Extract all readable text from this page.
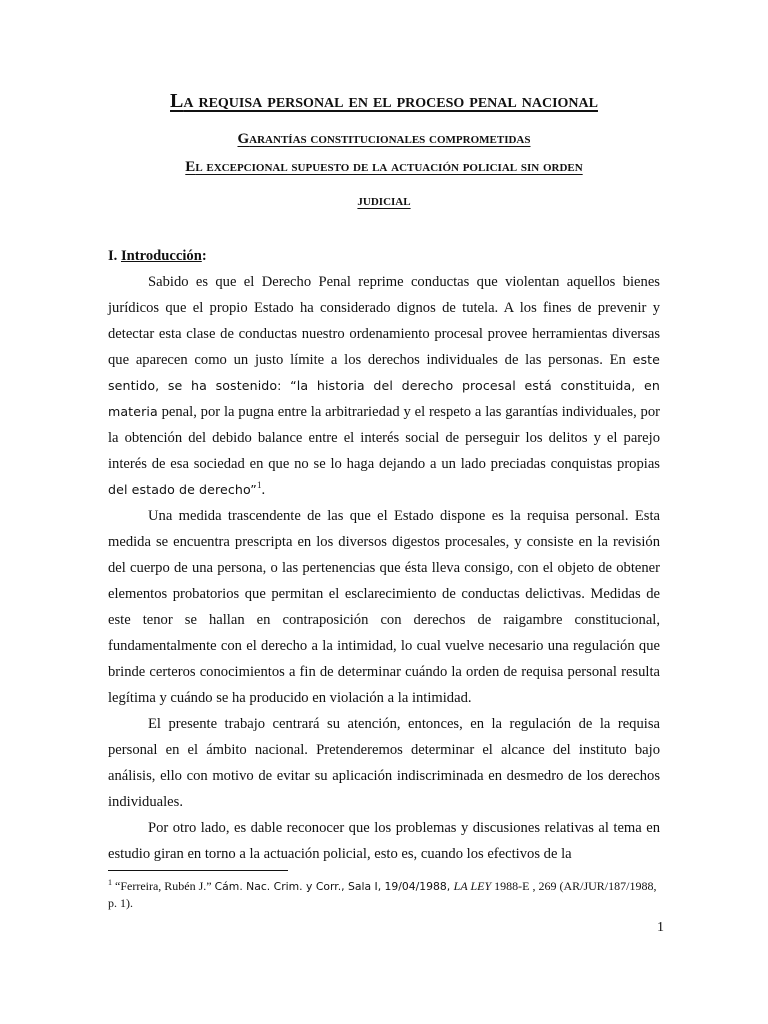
La requisa personal en el proceso penal nacional
Garantías constitucionales comprometidas
El excepcional supuesto de la actuación policial sin orden
judicial

I. Introducción:

Sabido es que el Derecho Penal reprime conductas que violentan aquellos bienes jurídicos que el propio Estado ha considerado dignos de tutela. A los fines de prevenir y detectar esta clase de conductas nuestro ordenamiento procesal provee herramientas diversas que aparecen como un justo límite a los derechos individuales de las personas. En este sentido, se ha sostenido: “la historia del derecho procesal está constituida, en materia penal, por la pugna entre la arbitrariedad y el respeto a las garantías individuales, por la obtención del debido balance entre el interés social de perseguir los delitos y el parejo interés de esa sociedad en que no se lo haga dejando a un lado preciadas conquistas propias del estado de derecho”$^1$.

Una medida trascendente de las que el Estado dispone es la requisa personal. Esta medida se encuentra prescripta en los diversos digestos procesales, y consiste en la revisión del cuerpo de una persona, o las pertenencias que ésta lleva consigo, con el objeto de obtener elementos probatorios que permitan el esclarecimiento de conductas delictivas. Medidas de este tenor se hallan en contraposición con derechos de raigambre constitucional, fundamentalmente con el derecho a la intimidad, lo cual vuelve necesario una regulación que brinde certeros conocimientos a fin de determinar cuándo la orden de requisa personal resulta legítima y cuándo se ha producido en violación a la intimidad.

El presente trabajo centrará su atención, entonces, en la regulación de la requisa personal en el ámbito nacional. Pretenderemos determinar el alcance del instituto bajo análisis, ello con motivo de evitar su aplicación indiscriminada en desmedro de los derechos individuales.

Por otro lado, es dable reconocer que los problemas y discusiones relativas al tema en estudio giran en torno a la actuación policial, esto es, cuando los efectivos de la

$^1$ “Ferreira, Rubén J.” Cám. Nac. Crim. y Corr., Sala I, 19/04/1988, LA LEY 1988-E , 269 (AR/JUR/187/1988, p. 1).
1
